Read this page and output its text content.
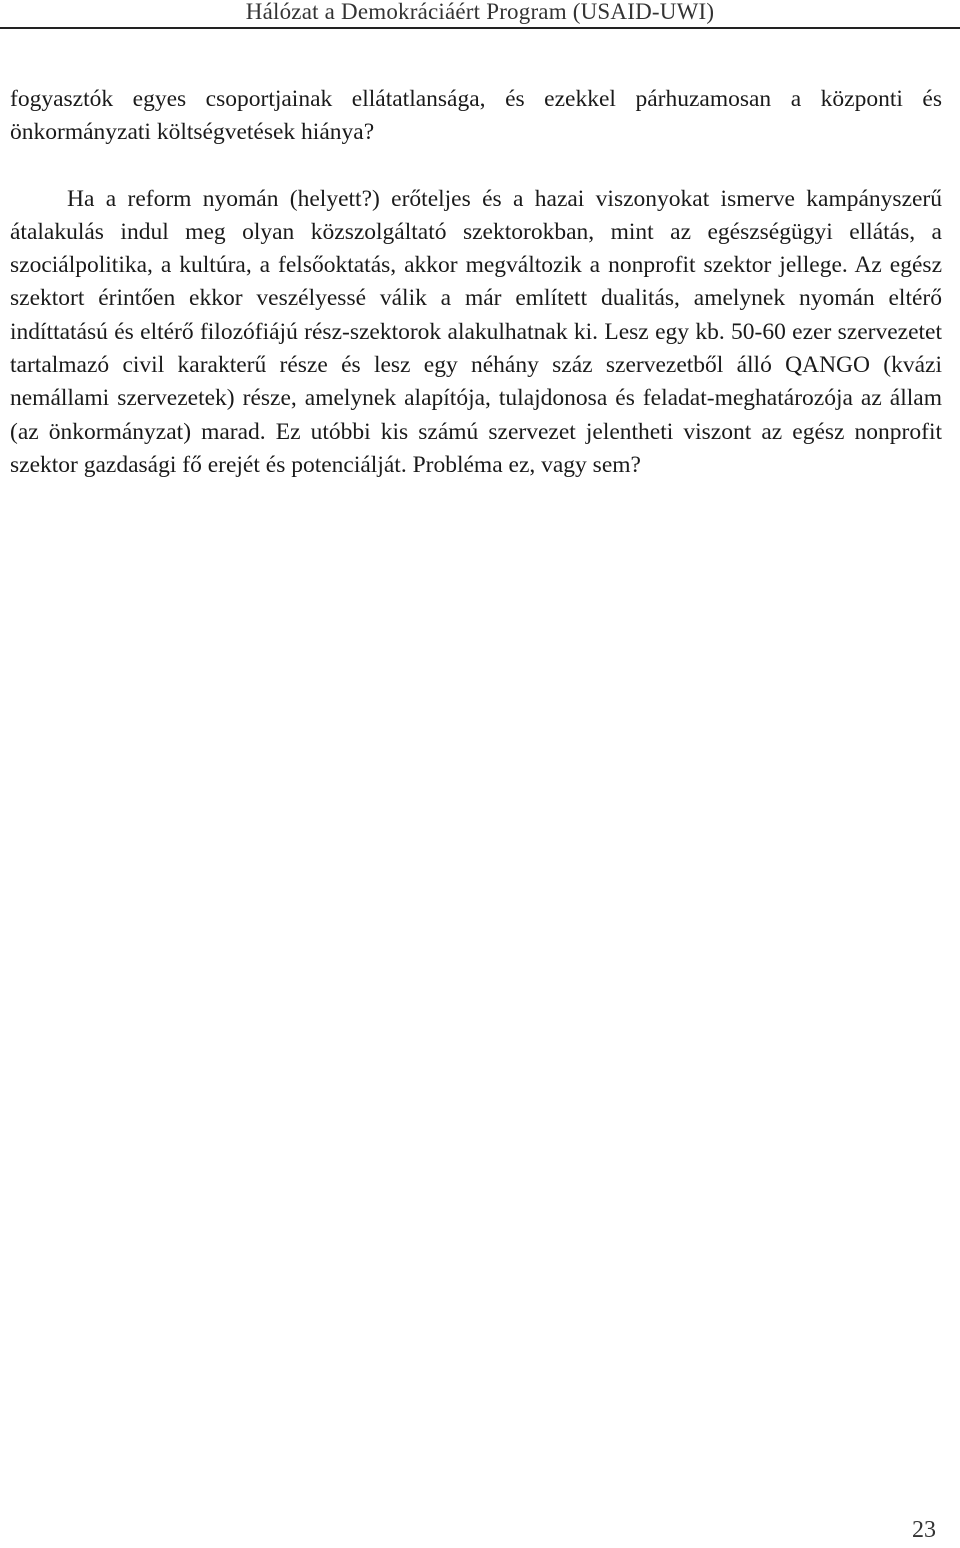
Hálózat a Demokráciáért Program (USAID-UWI)

fogyasztók egyes csoportjainak ellátatlansága, és ezekkel párhuzamosan a központi és önkormányzati költségvetések hiánya?

Ha a reform nyomán (helyett?) erőteljes és a hazai viszonyokat ismerve kampányszerű átalakulás indul meg olyan közszolgáltató szektorokban, mint az egészségügyi ellátás, a szociálpolitika, a kultúra, a felsőoktatás, akkor megváltozik a nonprofit szektor jellege. Az egész szektort érintően ekkor veszélyessé válik a már említett dualitás, amelynek nyomán eltérő indíttatású és eltérő filozófiájú rész-szektorok alakulhatnak ki. Lesz egy kb. 50-60 ezer szervezetet tartalmazó civil karakterű része és lesz egy néhány száz szervezetből álló QANGO (kvázi nemállami szervezetek) része, amelynek alapítója, tulajdonosa és feladat-meghatározója az állam (az önkormányzat) marad. Ez utóbbi kis számú szervezet jelentheti viszont az egész nonprofit szektor gazdasági fő erejét és potenciálját. Probléma ez, vagy sem?

23
